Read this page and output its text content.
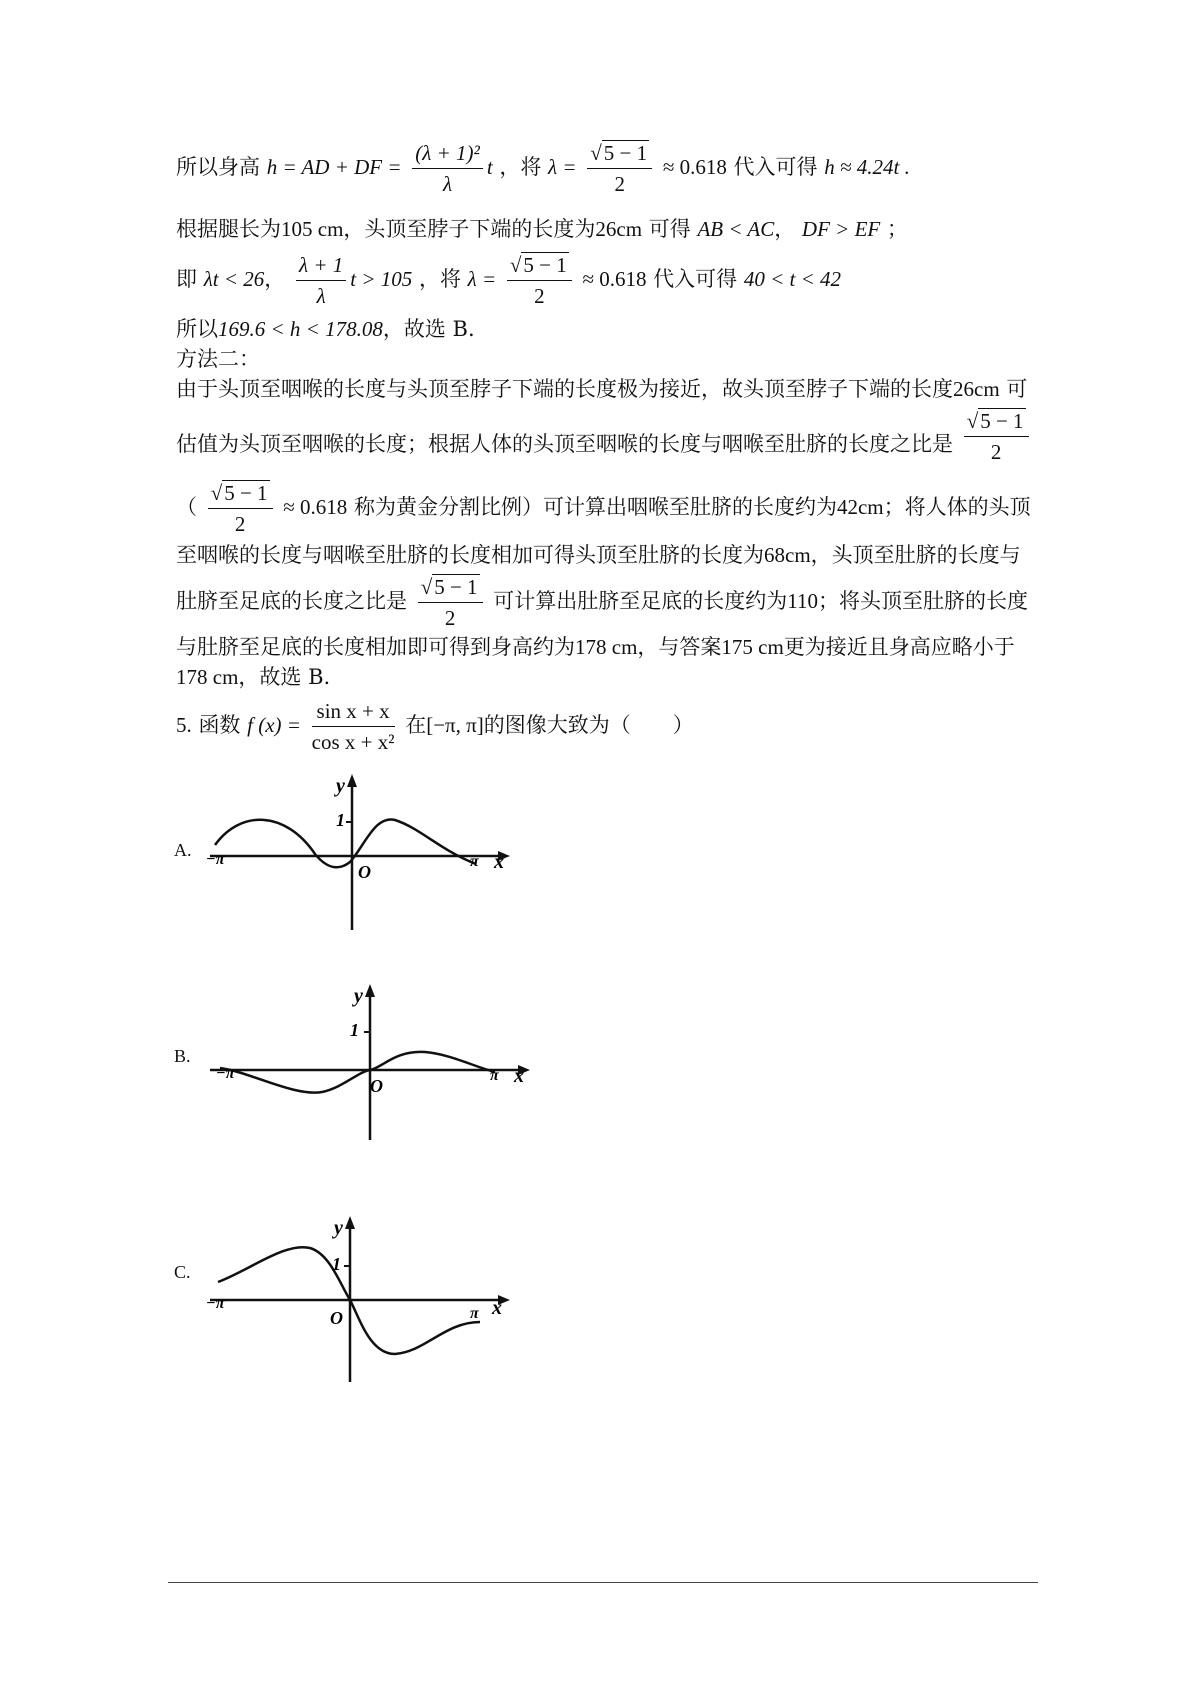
所以身高 h = AD + DF = $\frac{\text{(λ + 1)²}}{\lambda}$ t ，将 $\lambda = \frac{√5 - 1}{2} \approx 0.618$ 代入可得 h ≈ 4.24t .
根据腿长为105 cm，头顶至脖子下端的长度为26cm 可得 AB < AC， DF > EF ；
即 λt < 26， $\frac{\lambda + 1}{\lambda}$ t > 105 ，将 $\lambda = \frac{√5 - 1}{2} \approx 0.618$ 代入可得 40 < t < 42
所以169.6 < h < 178.08，故选 B.
方法二：
由于头顶至咽喉的长度与头顶至脖子下端的长度极为接近，故头顶至脖子下端的长度26cm 可
估值为头顶至咽喉的长度；根据人体的头顶至咽喉的长度与咽喉至肚脐的长度之比是 $\frac{√5 - 1}{2}$
（ $\frac{√5 - 1}{2} \approx 0.618$ 称为黄金分割比例）可计算出咽喉至肚脐的长度约为42cm；将人体的头顶
至咽喉的长度与咽喉至肚脐的长度相加可得头顶至肚脐的长度为68cm，头顶至肚脐的长度与
肚脐至足底的长度之比是 $\frac{√5 - 1}{2}$ 可计算出肚脐至足底的长度约为110；将头顶至肚脐的长度
与肚脐至足底的长度相加即可得到身高约为178 cm，与答案175 cm更为接近且身高应略小于
178 cm，故选 B.
5. 函数 f $(x) = \frac{\text{sin x + x}}{\text{cos x + x²}}$ 在[−π, π]的图像大致为（　　）
A.
y
1
O
−π	π x
B.
y
1
O
−π	π x
C.
y
1
O
−π
π x
